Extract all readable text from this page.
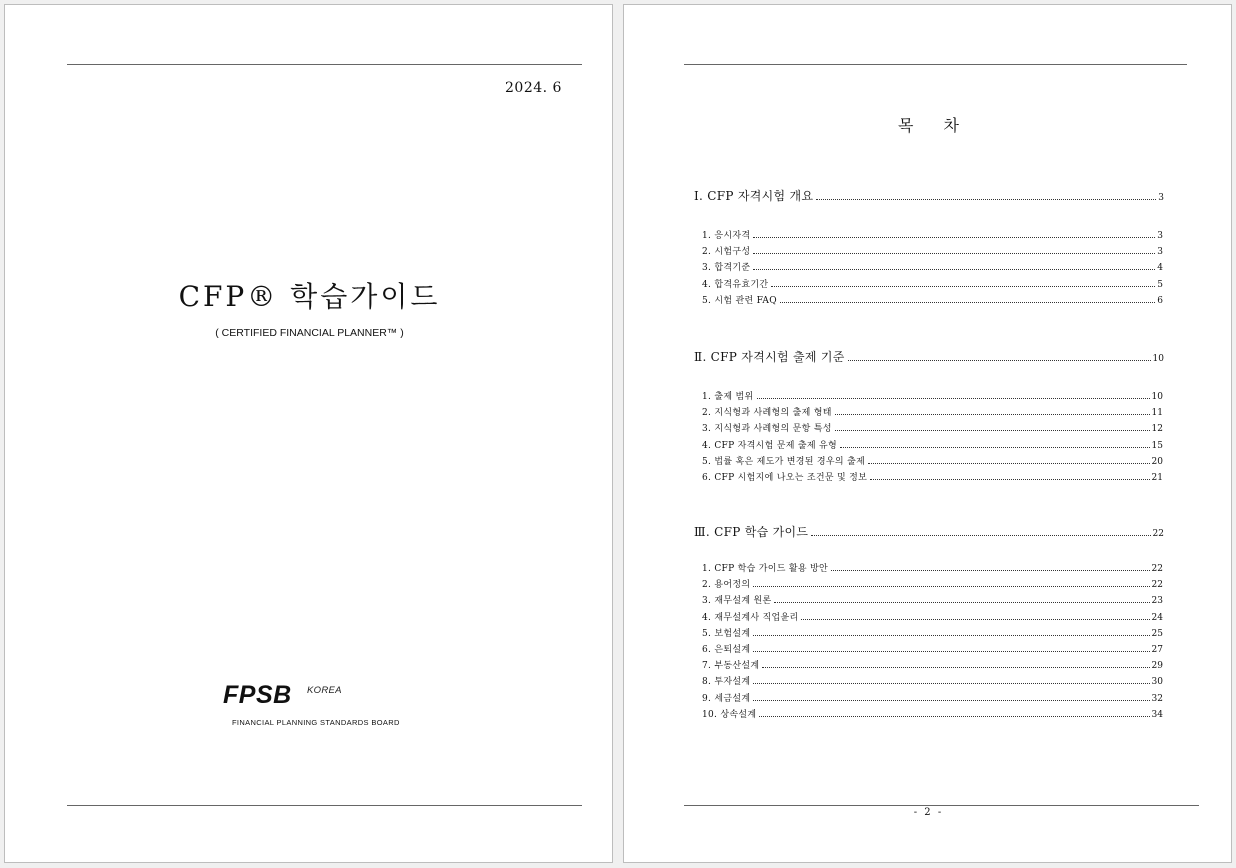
2024. 6
CFP® 학습가이드
( CERTIFIED FINANCIAL PLANNER™ )
FPSB KOREA
FINANCIAL PLANNING STANDARDS BOARD
목차
Ⅰ. CFP 자격시험 개요	3
1. 응시자격	3
2. 시험구성	3
3. 합격기준	4
4. 합격유효기간	5
5. 시험 관련 FAQ	6
Ⅱ. CFP 자격시험 출제 기준	10
1. 출제 범위	10
2. 지식형과 사례형의 출제 형태	11
3. 지식형과 사례형의 문항 특성	12
4. CFP 자격시험 문제 출제 유형	15
5. 법률 혹은 제도가 변경된 경우의 출제	20
6. CFP 시험지에 나오는 조건문 및 정보	21
Ⅲ. CFP 학습 가이드	22
1. CFP 학습 가이드 활용 방안	22
2. 용어정의	22
3. 재무설계 원론	23
4. 재무설계사 직업윤리	24
5. 보험설계	25
6. 은퇴설계	27
7. 부동산설계	29
8. 투자설계	30
9. 세금설계	32
10. 상속설계	34
- 2 -
